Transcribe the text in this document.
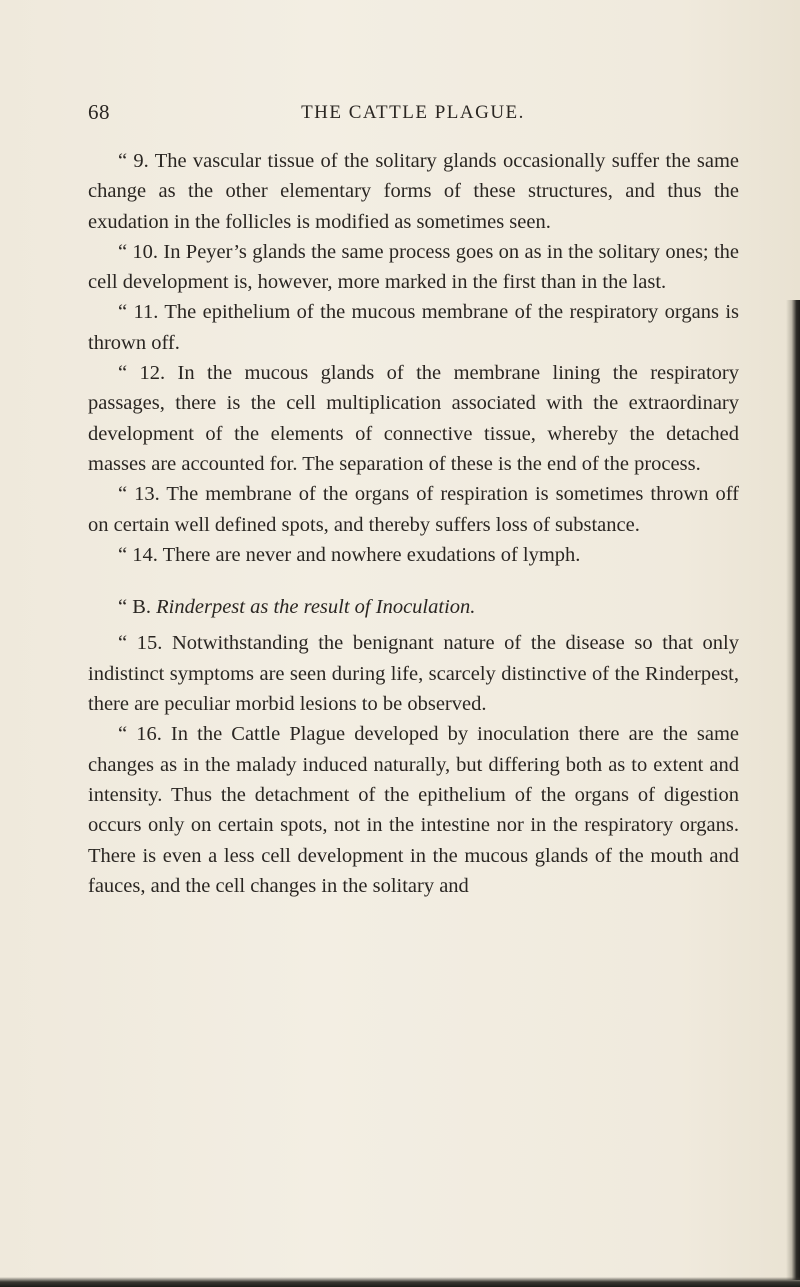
68	THE CATTLE PLAGUE.

“ 9. The vascular tissue of the solitary glands occasionally suffer the same change as the other elementary forms of these structures, and thus the exudation in the follicles is modified as sometimes seen.

“ 10. In Peyer’s glands the same process goes on as in the solitary ones; the cell development is, however, more marked in the first than in the last.

“ 11. The epithelium of the mucous membrane of the respiratory organs is thrown off.

“ 12. In the mucous glands of the membrane lining the respiratory passages, there is the cell multiplication associated with the extraordinary development of the elements of connective tissue, whereby the detached masses are accounted for. The separation of these is the end of the process.

“ 13. The membrane of the organs of respiration is sometimes thrown off on certain well defined spots, and thereby suffers loss of substance.

“ 14. There are never and nowhere exudations of lymph.

“ B. Rinderpest as the result of Inoculation.

“ 15. Notwithstanding the benignant nature of the disease so that only indistinct symptoms are seen during life, scarcely distinctive of the Rinderpest, there are peculiar morbid lesions to be observed.

“ 16. In the Cattle Plague developed by inoculation there are the same changes as in the malady induced naturally, but differing both as to extent and intensity. Thus the detachment of the epithelium of the organs of digestion occurs only on certain spots, not in the intestine nor in the respiratory organs. There is even a less cell development in the mucous glands of the mouth and fauces, and the cell changes in the solitary and
